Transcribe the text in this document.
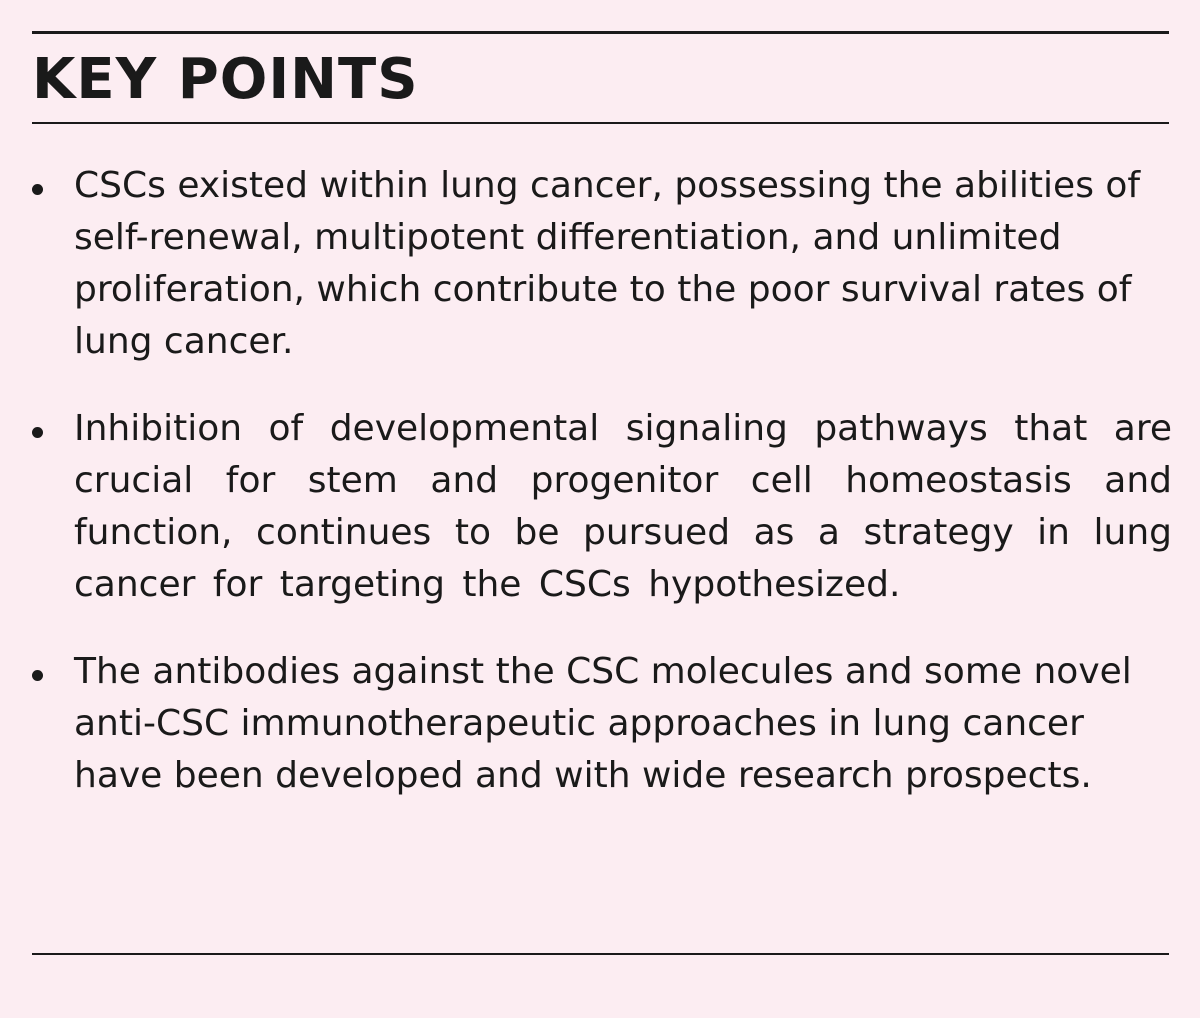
KEY POINTS
CSCs existed within lung cancer, possessing the abilities of self-renewal, multipotent differentiation, and unlimited proliferation, which contribute to the poor survival rates of lung cancer.
Inhibition of developmental signaling pathways that are crucial for stem and progenitor cell homeostasis and function, continues to be pursued as a strategy in lung cancer for targeting the CSCs hypothesized.
The antibodies against the CSC molecules and some novel anti-CSC immunotherapeutic approaches in lung cancer have been developed and with wide research prospects.
